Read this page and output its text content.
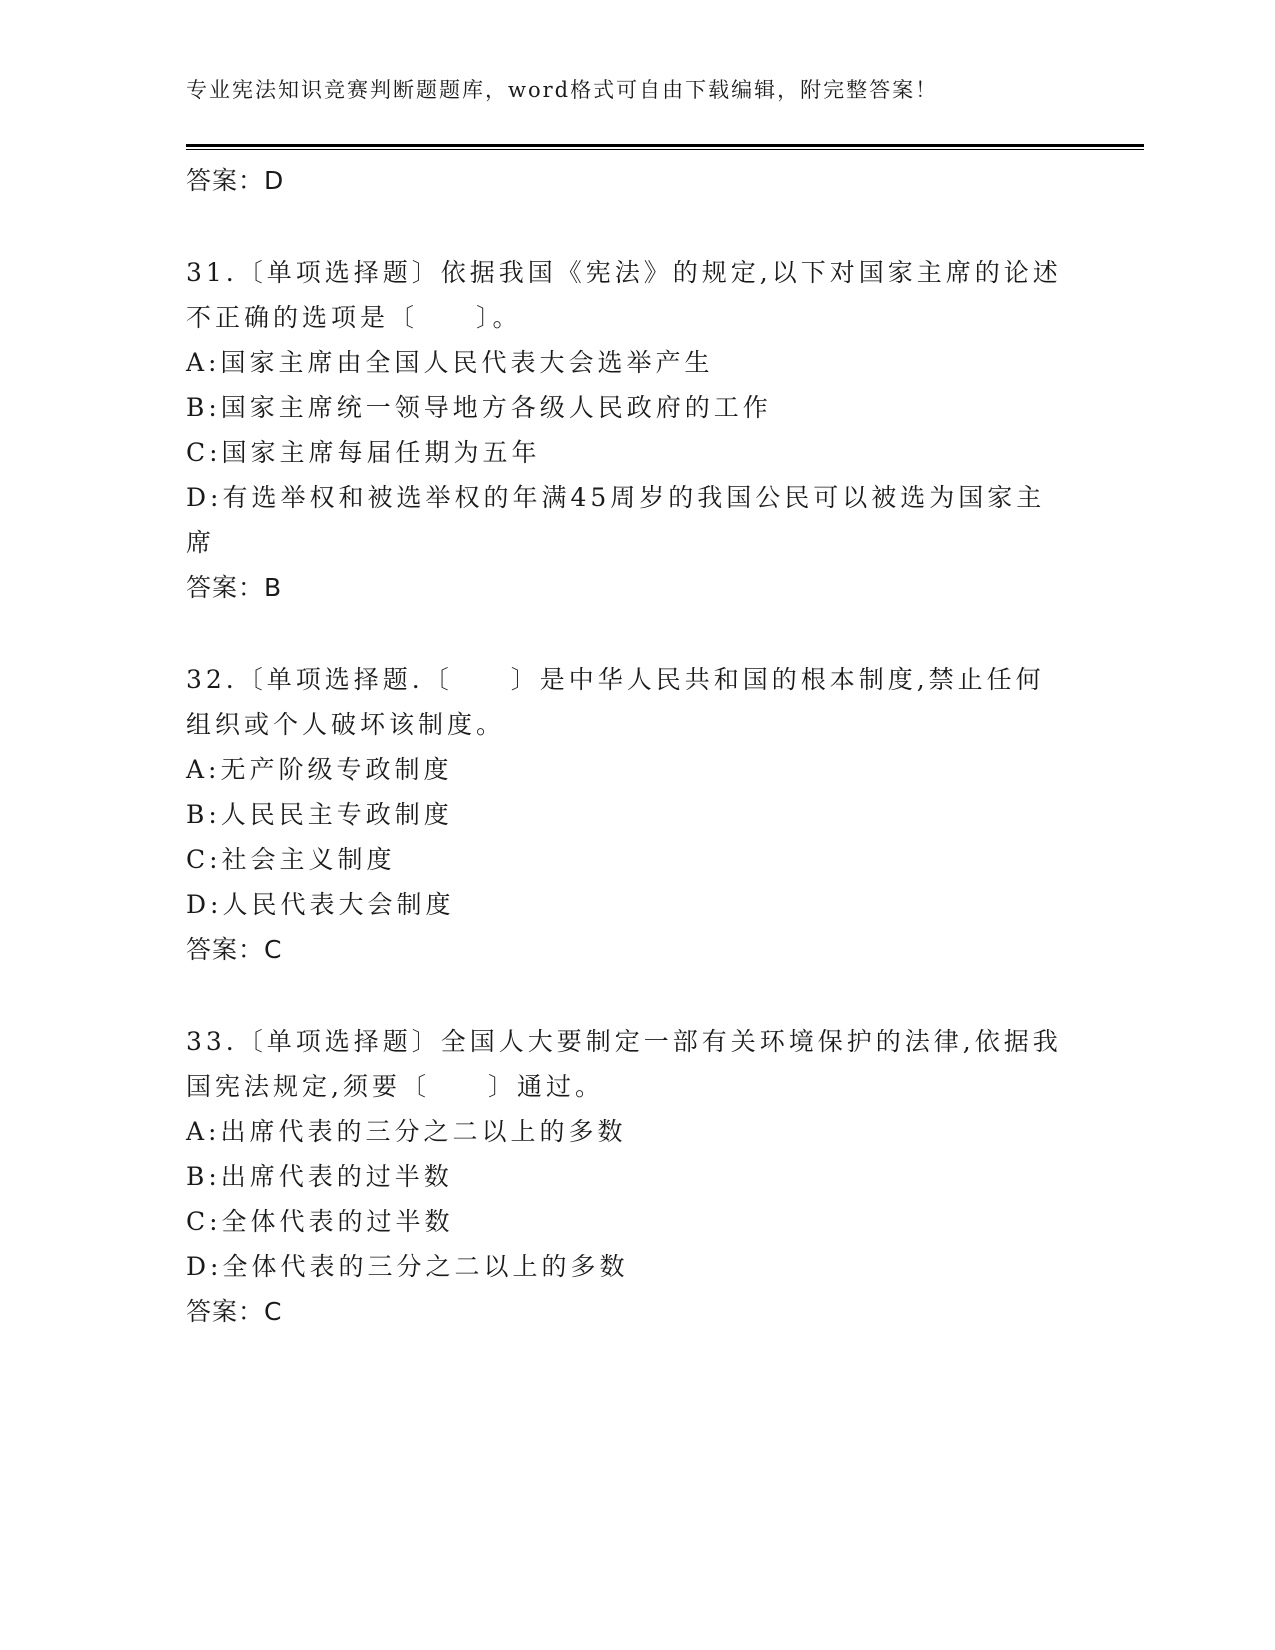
专业宪法知识竞赛判断题题库，word格式可自由下载编辑，附完整答案！
答案：D
31.〔单项选择题〕依据我国《宪法》的规定,以下对国家主席的论述不正确的选项是〔　　〕。
A:国家主席由全国人民代表大会选举产生
B:国家主席统一领导地方各级人民政府的工作
C:国家主席每届任期为五年
D:有选举权和被选举权的年满45周岁的我国公民可以被选为国家主席
答案：B
32.〔单项选择题.〔　　〕是中华人民共和国的根本制度,禁止任何组织或个人破坏该制度。
A:无产阶级专政制度
B:人民民主专政制度
C:社会主义制度
D:人民代表大会制度
答案：C
33.〔单项选择题〕全国人大要制定一部有关环境保护的法律,依据我国宪法规定,须要〔　　〕通过。
A:出席代表的三分之二以上的多数
B:出席代表的过半数
C:全体代表的过半数
D:全体代表的三分之二以上的多数
答案：C
